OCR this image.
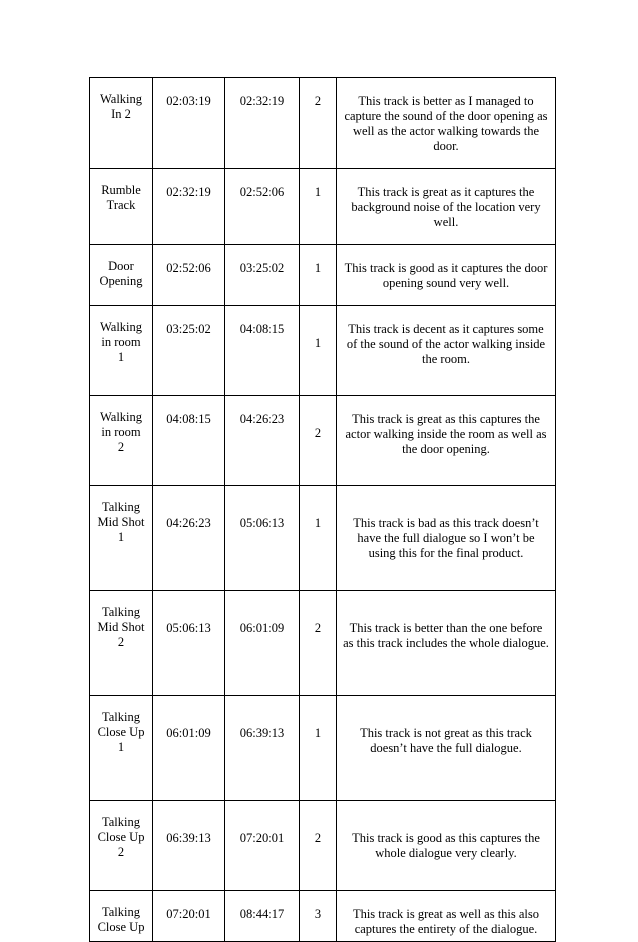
Walking
In 2	02:03:19	02:32:19	2	This track is better as I managed to capture the sound of the door opening as well as the actor walking towards the door.
Rumble
Track	02:32:19	02:52:06	1	This track is great as it captures the background noise of the location very well.
Door
Opening	02:52:06	03:25:02	1	This track is good as it captures the door opening sound very well.
Walking
in room
1	03:25:02	04:08:15	1	This track is decent as it captures some of the sound of the actor walking inside the room.
Walking
in room
2	04:08:15	04:26:23	2	This track is great as this captures the actor walking inside the room as well as the door opening.
Talking
Mid Shot
1	04:26:23	05:06:13	1	This track is bad as this track doesn’t have the full dialogue so I won’t be using this for the final product.
Talking
Mid Shot
2	05:06:13	06:01:09	2	This track is better than the one before as this track includes the whole dialogue.
Talking
Close Up
1	06:01:09	06:39:13	1	This track is not great as this track doesn’t have the full dialogue.
Talking
Close Up
2	06:39:13	07:20:01	2	This track is good as this captures the whole dialogue very clearly.
Talking
Close Up	07:20:01	08:44:17	3	This track is great as well as this also captures the entirety of the dialogue.
